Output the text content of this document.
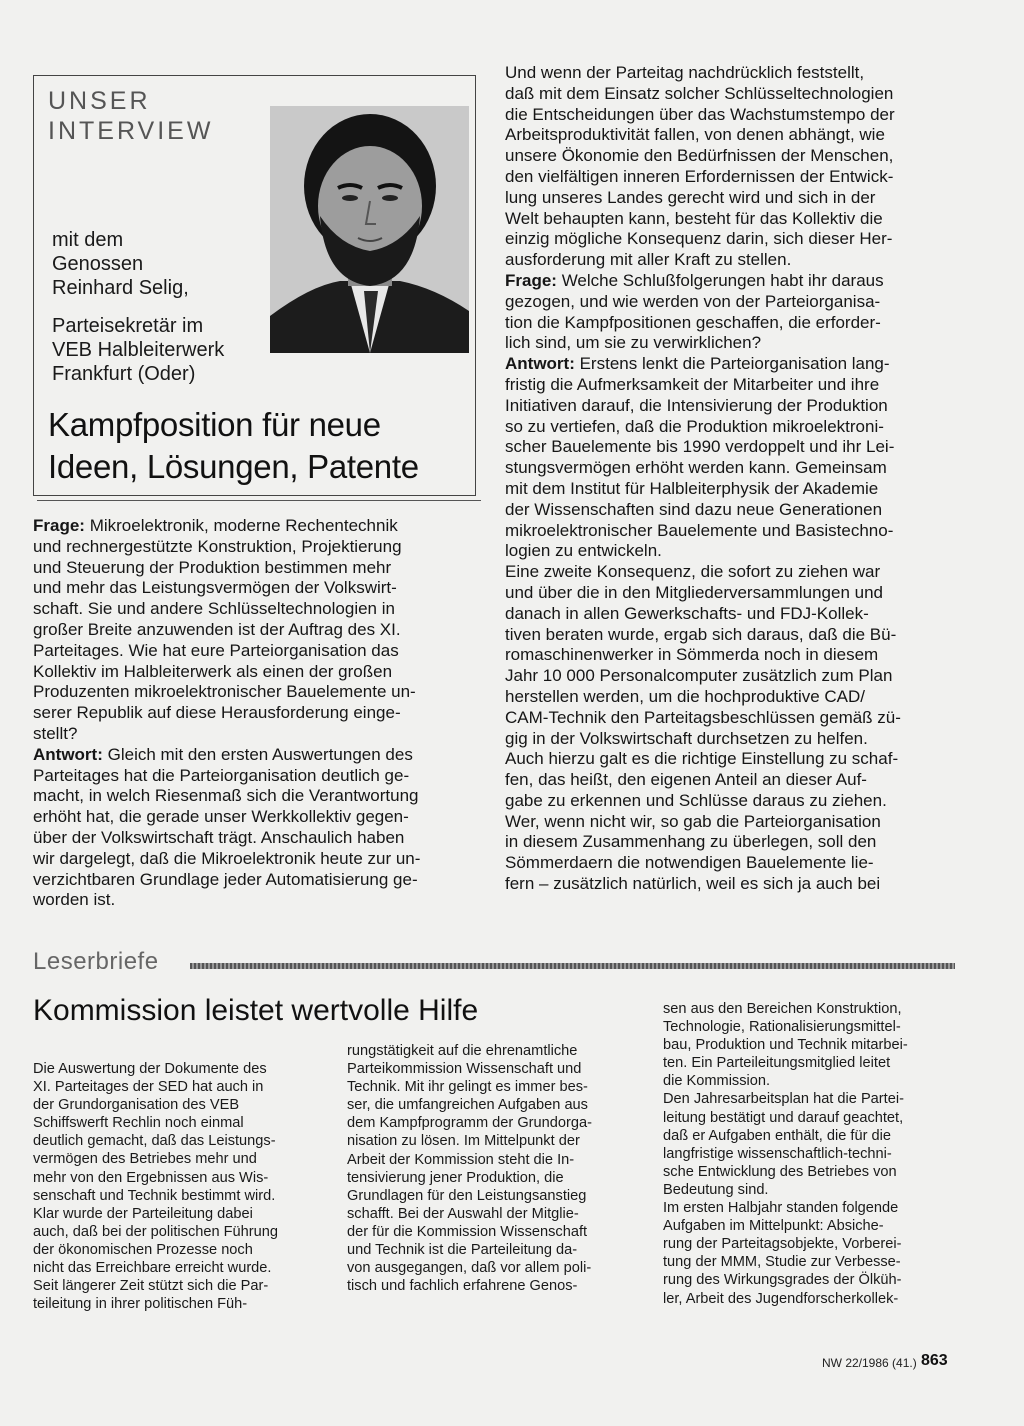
UNSER
INTERVIEW
mit dem
Genossen
Reinhard Selig,
Parteisekretär im
VEB Halbleiterwerk
Frankfurt (Oder)
Kampfposition für neue
Ideen, Lösungen, Patente
Frage: Mikroelektronik, moderne Rechentechnik
und rechnergestützte Konstruktion, Projektierung
und Steuerung der Produktion bestimmen mehr
und mehr das Leistungsvermögen der Volkswirt-
schaft. Sie und andere Schlüsseltechnologien in
großer Breite anzuwenden ist der Auftrag des XI.
Parteitages. Wie hat eure Parteiorganisation das
Kollektiv im Halbleiterwerk als einen der großen
Produzenten mikroelektronischer Bauelemente un-
serer Republik auf diese Herausforderung einge-
stellt?
Antwort: Gleich mit den ersten Auswertungen des
Parteitages hat die Parteiorganisation deutlich ge-
macht, in welch Riesenmaß sich die Verantwortung
erhöht hat, die gerade unser Werkkollektiv gegen-
über der Volkswirtschaft trägt. Anschaulich haben
wir dargelegt, daß die Mikroelektronik heute zur un-
verzichtbaren Grundlage jeder Automatisierung ge-
worden ist.
Und wenn der Parteitag nachdrücklich feststellt,
daß mit dem Einsatz solcher Schlüsseltechnologien
die Entscheidungen über das Wachstumstempo der
Arbeitsproduktivität fallen, von denen abhängt, wie
unsere Ökonomie den Bedürfnissen der Menschen,
den vielfältigen inneren Erfordernissen der Entwick-
lung unseres Landes gerecht wird und sich in der
Welt behaupten kann, besteht für das Kollektiv die
einzig mögliche Konsequenz darin, sich dieser Her-
ausforderung mit aller Kraft zu stellen.
Frage: Welche Schlußfolgerungen habt ihr daraus
gezogen, und wie werden von der Parteiorganisa-
tion die Kampfpositionen geschaffen, die erforder-
lich sind, um sie zu verwirklichen?
Antwort: Erstens lenkt die Parteiorganisation lang-
fristig die Aufmerksamkeit der Mitarbeiter und ihre
Initiativen darauf, die Intensivierung der Produktion
so zu vertiefen, daß die Produktion mikroelektroni-
scher Bauelemente bis 1990 verdoppelt und ihr Lei-
stungsvermögen erhöht werden kann. Gemeinsam
mit dem Institut für Halbleiterphysik der Akademie
der Wissenschaften sind dazu neue Generationen
mikroelektronischer Bauelemente und Basistechno-
logien zu entwickeln.
Eine zweite Konsequenz, die sofort zu ziehen war
und über die in den Mitgliederversammlungen und
danach in allen Gewerkschafts- und FDJ-Kollek-
tiven beraten wurde, ergab sich daraus, daß die Bü-
romaschinenwerker in Sömmerda noch in diesem
Jahr 10 000 Personalcomputer zusätzlich zum Plan
herstellen werden, um die hochproduktive CAD/
CAM-Technik den Parteitagsbeschlüssen gemäß zü-
gig in der Volkswirtschaft durchsetzen zu helfen.
Auch hierzu galt es die richtige Einstellung zu schaf-
fen, das heißt, den eigenen Anteil an dieser Auf-
gabe zu erkennen und Schlüsse daraus zu ziehen.
Wer, wenn nicht wir, so gab die Parteiorganisation
in diesem Zusammenhang zu überlegen, soll den
Sömmerdaern die notwendigen Bauelemente lie-
fern – zusätzlich natürlich, weil es sich ja auch bei
Leserbriefe
Kommission leistet wertvolle Hilfe
Die Auswertung der Dokumente des
XI. Parteitages der SED hat auch in
der Grundorganisation des VEB
Schiffswerft Rechlin noch einmal
deutlich gemacht, daß das Leistungs-
vermögen des Betriebes mehr und
mehr von den Ergebnissen aus Wis-
senschaft und Technik bestimmt wird.
Klar wurde der Parteileitung dabei
auch, daß bei der politischen Führung
der ökonomischen Prozesse noch
nicht das Erreichbare erreicht wurde.
Seit längerer Zeit stützt sich die Par-
teileitung in ihrer politischen Füh-
rungstätigkeit auf die ehrenamtliche
Parteikommission Wissenschaft und
Technik. Mit ihr gelingt es immer bes-
ser, die umfangreichen Aufgaben aus
dem Kampfprogramm der Grundorga-
nisation zu lösen. Im Mittelpunkt der
Arbeit der Kommission steht die In-
tensivierung jener Produktion, die
Grundlagen für den Leistungsanstieg
schafft. Bei der Auswahl der Mitglie-
der für die Kommission Wissenschaft
und Technik ist die Parteileitung da-
von ausgegangen, daß vor allem poli-
tisch und fachlich erfahrene Genos-
sen aus den Bereichen Konstruktion,
Technologie, Rationalisierungsmittel-
bau, Produktion und Technik mitarbei-
ten. Ein Parteileitungsmitglied leitet
die Kommission.
Den Jahresarbeitsplan hat die Partei-
leitung bestätigt und darauf geachtet,
daß er Aufgaben enthält, die für die
langfristige wissenschaftlich-techni-
sche Entwicklung des Betriebes von
Bedeutung sind.
Im ersten Halbjahr standen folgende
Aufgaben im Mittelpunkt: Absiche-
rung der Parteitagsobjekte, Vorberei-
tung der MMM, Studie zur Verbesse-
rung des Wirkungsgrades der Ölküh-
ler, Arbeit des Jugendforscherkollek-
NW 22/1986 (41.) 863
